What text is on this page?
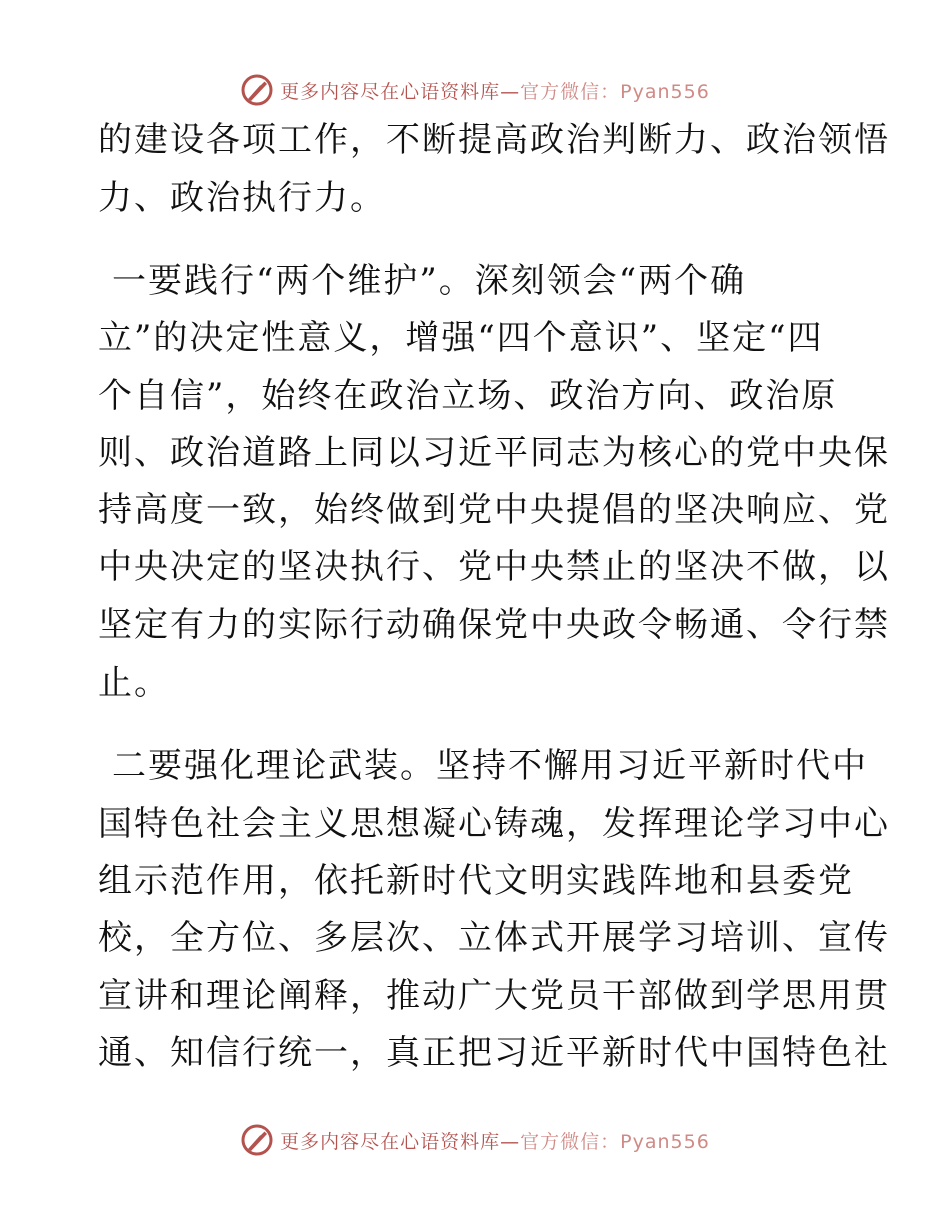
更多内容尽在心语资料库—官方微信：Pyan556
的建设各项工作，不断提高政治判断力、政治领悟
力、政治执行力。
一要践行“两个维护”。深刻领会“两个确
立”的决定性意义，增强“四个意识”、坚定“四
个自信”，始终在政治立场、政治方向、政治原
则、政治道路上同以习近平同志为核心的党中央保
持高度一致，始终做到党中央提倡的坚决响应、党
中央决定的坚决执行、党中央禁止的坚决不做，以
坚定有力的实际行动确保党中央政令畅通、令行禁
止。
二要强化理论武装。坚持不懈用习近平新时代中
国特色社会主义思想凝心铸魂，发挥理论学习中心
组示范作用，依托新时代文明实践阵地和县委党
校，全方位、多层次、立体式开展学习培训、宣传
宣讲和理论阐释，推动广大党员干部做到学思用贯
通、知信行统一，真正把习近平新时代中国特色社
更多内容尽在心语资料库—官方微信：Pyan556
